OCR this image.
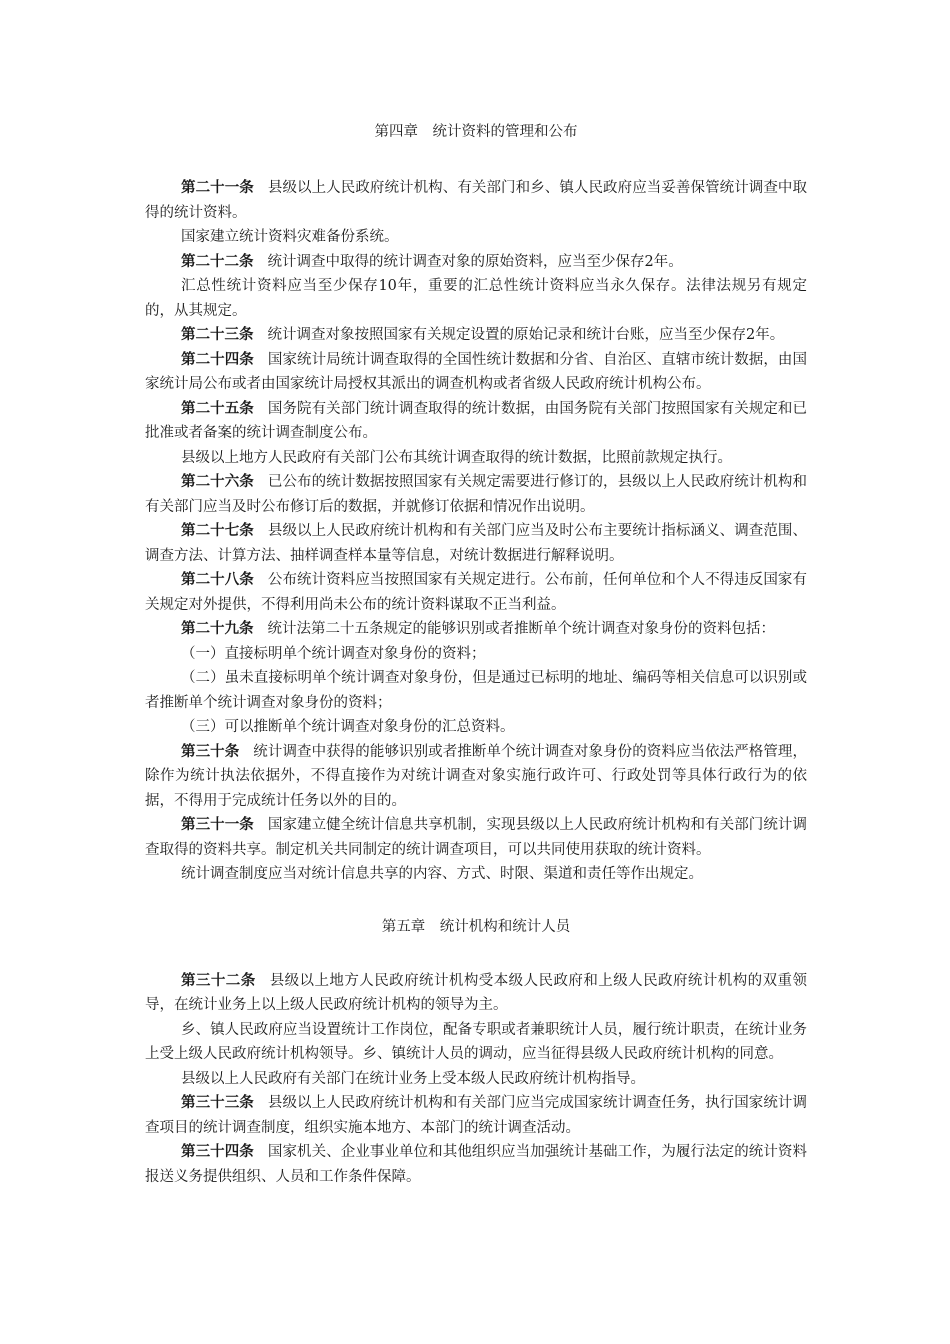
第四章　统计资料的管理和公布

第二十一条 县级以上人民政府统计机构、有关部门和乡、镇人民政府应当妥善保管统计调查中取得的统计资料。

国家建立统计资料灾难备份系统。

第二十二条 统计调查中取得的统计调查对象的原始资料，应当至少保存2年。

汇总性统计资料应当至少保存10年，重要的汇总性统计资料应当永久保存。法律法规另有规定的，从其规定。

第二十三条 统计调查对象按照国家有关规定设置的原始记录和统计台账，应当至少保存2年。

第二十四条 国家统计局统计调查取得的全国性统计数据和分省、自治区、直辖市统计数据，由国家统计局公布或者由国家统计局授权其派出的调查机构或者省级人民政府统计机构公布。

第二十五条 国务院有关部门统计调查取得的统计数据，由国务院有关部门按照国家有关规定和已批准或者备案的统计调查制度公布。

县级以上地方人民政府有关部门公布其统计调查取得的统计数据，比照前款规定执行。

第二十六条 已公布的统计数据按照国家有关规定需要进行修订的，县级以上人民政府统计机构和有关部门应当及时公布修订后的数据，并就修订依据和情况作出说明。

第二十七条 县级以上人民政府统计机构和有关部门应当及时公布主要统计指标涵义、调查范围、调查方法、计算方法、抽样调查样本量等信息，对统计数据进行解释说明。

第二十八条 公布统计资料应当按照国家有关规定进行。公布前，任何单位和个人不得违反国家有关规定对外提供，不得利用尚未公布的统计资料谋取不正当利益。

第二十九条 统计法第二十五条规定的能够识别或者推断单个统计调查对象身份的资料包括：

（一）直接标明单个统计调查对象身份的资料；

（二）虽未直接标明单个统计调查对象身份，但是通过已标明的地址、编码等相关信息可以识别或者推断单个统计调查对象身份的资料；

（三）可以推断单个统计调查对象身份的汇总资料。

第三十条 统计调查中获得的能够识别或者推断单个统计调查对象身份的资料应当依法严格管理，除作为统计执法依据外，不得直接作为对统计调查对象实施行政许可、行政处罚等具体行政行为的依据，不得用于完成统计任务以外的目的。

第三十一条 国家建立健全统计信息共享机制，实现县级以上人民政府统计机构和有关部门统计调查取得的资料共享。制定机关共同制定的统计调查项目，可以共同使用获取的统计资料。

统计调查制度应当对统计信息共享的内容、方式、时限、渠道和责任等作出规定。

第五章　统计机构和统计人员

第三十二条 县级以上地方人民政府统计机构受本级人民政府和上级人民政府统计机构的双重领导，在统计业务上以上级人民政府统计机构的领导为主。

乡、镇人民政府应当设置统计工作岗位，配备专职或者兼职统计人员，履行统计职责，在统计业务上受上级人民政府统计机构领导。乡、镇统计人员的调动，应当征得县级人民政府统计机构的同意。

县级以上人民政府有关部门在统计业务上受本级人民政府统计机构指导。

第三十三条 县级以上人民政府统计机构和有关部门应当完成国家统计调查任务，执行国家统计调查项目的统计调查制度，组织实施本地方、本部门的统计调查活动。

第三十四条 国家机关、企业事业单位和其他组织应当加强统计基础工作，为履行法定的统计资料报送义务提供组织、人员和工作条件保障。
